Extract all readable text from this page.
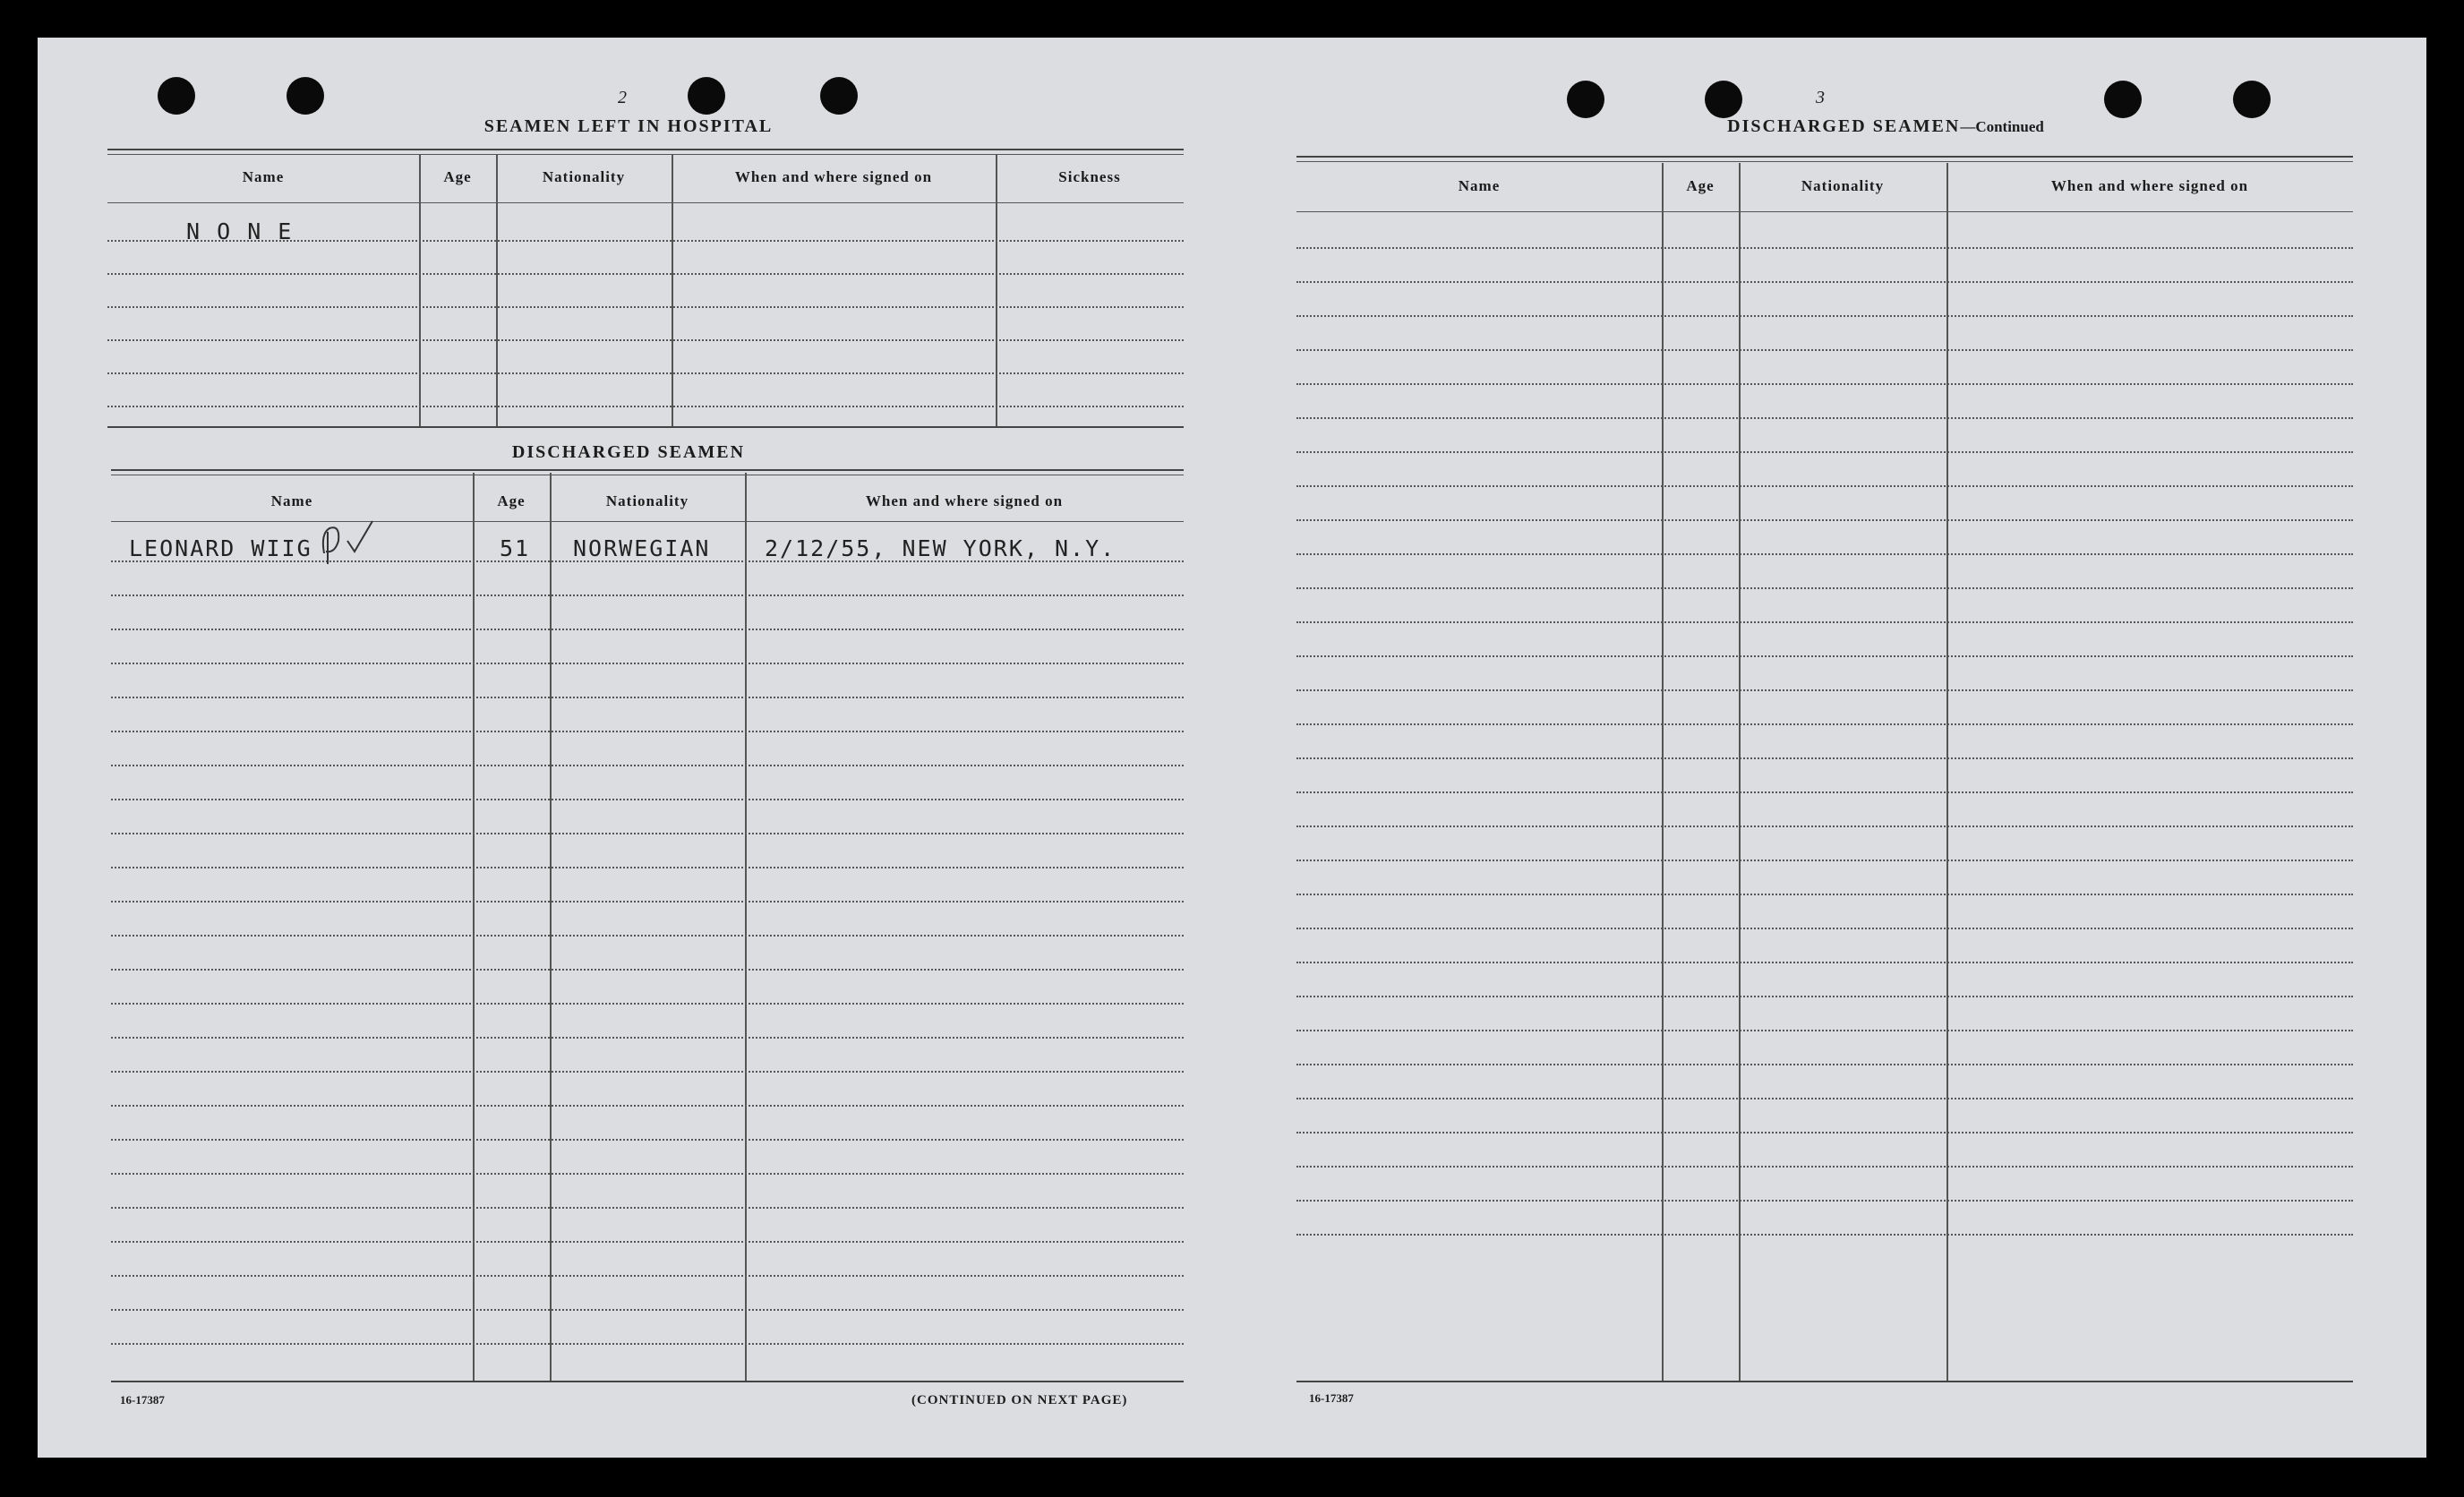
2
SEAMEN LEFT IN HOSPITAL
Name	Age	Nationality	When and where signed on	Sickness
N O N E
DISCHARGED SEAMEN
Name	Age	Nationality	When and where signed on
LEONARD WIIG	51 NORWEGIAN 2/12/55, NEW YORK, N.Y.
16-17387	(CONTINUED ON NEXT PAGE)
3
DISCHARGED SEAMEN—Continued
Name	Age	Nationality	When and where signed on
16-17387
